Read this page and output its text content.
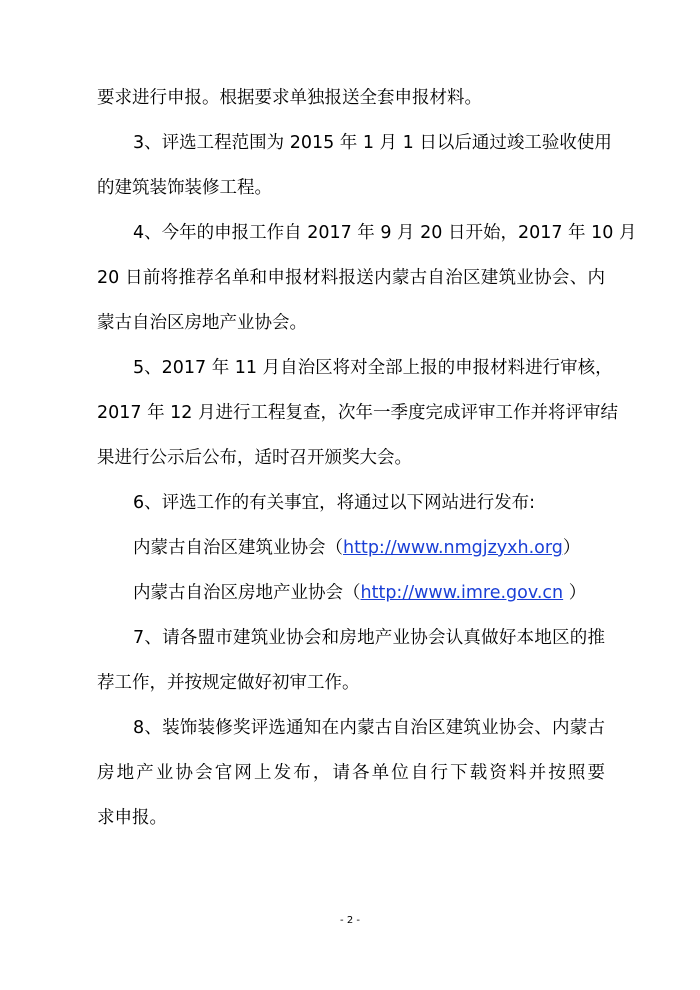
要求进行申报。根据要求单独报送全套申报材料。
3、评选工程范围为 2015 年 1 月 1 日以后通过竣工验收使用
的建筑装饰装修工程。
4、今年的申报工作自 2017 年 9 月 20 日开始，2017 年 10 月
20 日前将推荐名单和申报材料报送内蒙古自治区建筑业协会、内
蒙古自治区房地产业协会。
5、2017 年 11 月自治区将对全部上报的申报材料进行审核，
2017 年 12 月进行工程复查，次年一季度完成评审工作并将评审结
果进行公示后公布，适时召开颁奖大会。
6、评选工作的有关事宜，将通过以下网站进行发布:
内蒙古自治区建筑业协会（http://www.nmgjzyxh.org）
内蒙古自治区房地产业协会（http://www.imre.gov.cn ）
7、请各盟市建筑业协会和房地产业协会认真做好本地区的推
荐工作，并按规定做好初审工作。
8、装饰装修奖评选通知在内蒙古自治区建筑业协会、内蒙古
房地产业协会官网上发布，请各单位自行下载资料并按照要
求申报。
- 2 -
